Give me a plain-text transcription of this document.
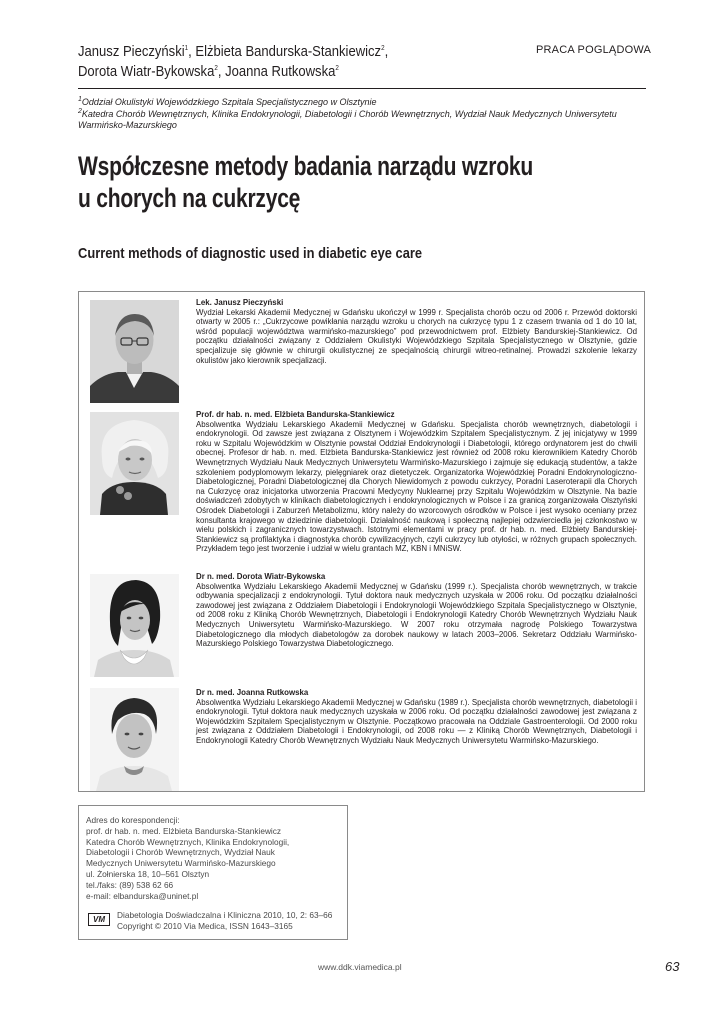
Janusz Pieczyński$^1$, Elżbieta Bandurska-Stankiewicz$^2$,
Dorota Wiatr-Bykowska$^2$, Joanna Rutkowska$^2$
PRACA POGLĄDOWA
$^1$Oddział Okulistyki Wojewódzkiego Szpitala Specjalistycznego w Olsztynie
$^2$Katedra Chorób Wewnętrznych, Klinika Endokrynologii, Diabetologii i Chorób Wewnętrznych, Wydział Nauk Medycznych Uniwersytetu Warmińsko-Mazurskiego
Współczesne metody badania narządu wzroku
u chorych na cukrzycę
Current methods of diagnostic used in diabetic eye care
Lek. Janusz Pieczyński
Wydział Lekarski Akademii Medycznej w Gdańsku ukończył w 1999 r. Specjalista chorób oczu od 2006 r. Przewód doktorski otwarty w 2005 r.: „Cukrzycowe powikłania narządu wzroku u chorych na cukrzycę typu 1 z czasem trwania od 1 do 10 lat, wśród populacji województwa warmińsko-mazurskiego” pod przewodnictwem prof. Elżbiety Bandurskiej-Stankiewicz. Od początku działalności związany z Oddziałem Okulistyki Wojewódzkiego Szpitala Specjalistycznego w Olsztynie, gdzie specjalizuje się głównie w chirurgii okulistycznej ze specjalnością chirurgii witreo-retinalnej. Prowadzi szkolenie lekarzy okulistów jako kierownik specjalizacji.
Prof. dr hab. n. med. Elżbieta Bandurska-Stankiewicz
Absolwentka Wydziału Lekarskiego Akademii Medycznej w Gdańsku. Specjalista chorób wewnętrznych, diabetologii i endokrynologii. Od zawsze jest związana z Olsztynem i Wojewódzkim Szpitalem Specjalistycznym. Z jej inicjatywy w 1999 roku w Szpitalu Wojewódzkim w Olsztynie powstał Oddział Endokrynologii i Diabetologii, którego ordynatorem jest do chwili obecnej. Profesor dr hab. n. med. Elżbieta Bandurska-Stankiewicz jest również od 2008 roku kierownikiem Katedry Chorób Wewnętrznych Wydziału Nauk Medycznych Uniwersytetu Warmińsko-Mazurskiego i zajmuje się edukacją studentów, a także szkoleniem podyplomowym lekarzy, pielęgniarek oraz dietetyczek. Organizatorka Wojewódzkiej Poradni Endokrynologiczno-Diabetologicznej, Poradni Diabetologicznej dla Chorych Niewidomych z powodu cukrzycy, Poradni Laseroterapii dla Chorych na Cukrzycę oraz inicjatorka utworzenia Pracowni Medycyny Nuklearnej przy Szpitalu Wojewódzkim w Olsztynie. Na bazie doświadczeń zdobytych w klinikach diabetologicznych i endokrynologicznych w Polsce i za granicą zorganizowała Olsztyński Ośrodek Diabetologii i Zaburzeń Metabolizmu, który należy do wzorcowych ośrodków w Polsce i jest wysoko oceniany przez konsultanta krajowego w dziedzinie diabetologii. Działalność naukową i społeczną najlepiej odzwierciedla jej członkostwo w wielu polskich i zagranicznych towarzystwach. Istotnymi elementami w pracy prof. dr hab. n. med. Elżbiety Bandurskiej-Stankiewicz są profilaktyka i diagnostyka chorób cywilizacyjnych, czyli cukrzycy lub otyłości, w różnych grupach społecznych. Przykładem tego jest tworzenie i udział w wielu grantach MZ, KBN i MNiSW.
Dr n. med. Dorota Wiatr-Bykowska
Absolwentka Wydziału Lekarskiego Akademii Medycznej w Gdańsku (1999 r.). Specjalista chorób wewnętrznych, w trakcie odbywania specjalizacji z endokrynologii. Tytuł doktora nauk medycznych uzyskała w 2006 roku. Od początku działalności zawodowej jest związana z Oddziałem Diabetologii i Endokrynologii Wojewódzkiego Szpitala Specjalistycznego w Olsztynie, od 2008 roku z Kliniką Chorób Wewnętrznych, Diabetologii i Endokrynologii Katedry Chorób Wewnętrznych Wydziału Nauk Medycznych Uniwersytetu Warmińsko-Mazurskiego. W 2007 roku otrzymała nagrodę Polskiego Towarzystwa Diabetologicznego dla młodych diabetologów za dorobek naukowy w latach 2003–2006. Sekretarz Oddziału Warmińsko-Mazurskiego Polskiego Towarzystwa Diabetologicznego.
Dr n. med. Joanna Rutkowska
Absolwentka Wydziału Lekarskiego Akademii Medycznej w Gdańsku (1989 r.). Specjalista chorób wewnętrznych, diabetologii i endokrynologii. Tytuł doktora nauk medycznych uzyskała w 2006 roku. Od początku działalności zawodowej jest związana z Wojewódzkim Szpitalem Specjalistycznym w Olsztynie. Początkowo pracowała na Oddziale Gastroenterologii. Od 2000 roku jest związana z Oddziałem Diabetologii i Endokrynologii, od 2008 roku — z Kliniką Chorób Wewnętrznych, Diabetologii i Endokrynologii Katedry Chorób Wewnętrznych Wydziału Nauk Medycznych Uniwersytetu Warmińsko-Mazurskiego.
Adres do korespondencji:
prof. dr hab. n. med. Elżbieta Bandurska-Stankiewicz
Katedra Chorób Wewnętrznych, Klinika Endokrynologii,
Diabetologii i Chorób Wewnętrznych, Wydział Nauk
Medycznych Uniwersytetu Warmińsko-Mazurskiego
ul. Żołnierska 18, 10–561 Olsztyn
tel./faks: (89) 538 62 66
e-mail: elbandurska@uninet.pl
VM	Diabetologia Doświadczalna i Kliniczna 2010, 10, 2: 63–66
Copyright © 2010 Via Medica, ISSN 1643–3165
www.ddk.viamedica.pl	63
